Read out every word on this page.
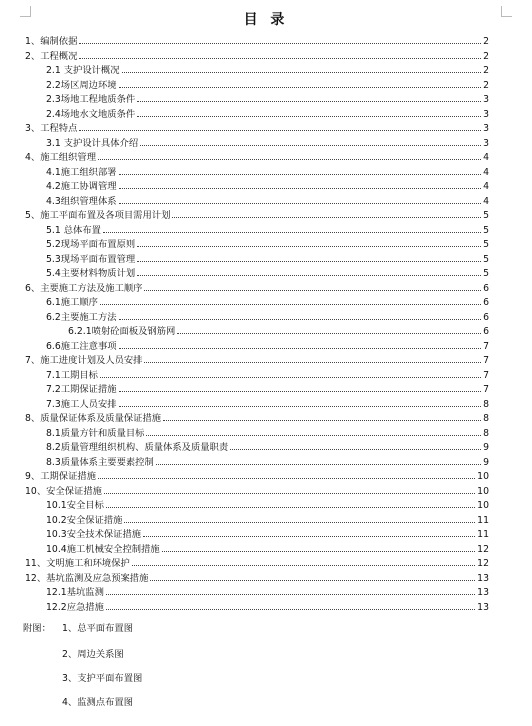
目 录
1、编制依据	2
2、工程概况	2
2.1 支护设计概况	2
2.2场区周边环境	2
2.3场地工程地质条件	3
2.4场地水文地质条件	3
3、工程特点	3
3.1 支护设计具体介绍	3
4、施工组织管理	4
4.1施工组织部署	4
4.2施工协调管理	4
4.3组织管理体系	4
5、施工平面布置及各项目需用计划	5
5.1 总体布置	5
5.2现场平面布置原则	5
5.3现场平面布置管理	5
5.4主要材料物质计划	5
6、主要施工方法及施工顺序	6
6.1施工顺序	6
6.2主要施工方法	6
6.2.1喷射砼面板及钢筋网	6
6.6施工注意事项	7
7、施工进度计划及人员安排	7
7.1工期目标	7
7.2工期保证措施	7
7.3施工人员安排	8
8、质量保证体系及质量保证措施	8
8.1质量方针和质量目标	8
8.2质量管理组织机构、质量体系及质量职责	9
8.3质量体系主要要素控制	9
9、工期保证措施	10
10、安全保证措施	10
10.1安全目标	10
10.2安全保证措施	11
10.3安全技术保证措施	11
10.4施工机械安全控制措施	12
11、文明施工和环境保护	12
12、基坑监测及应急预案措施	13
12.1基坑监测	13
12.2应急措施	13
附图： 1、总平面布置图
2、周边关系图
3、支护平面布置图
4、监测点布置图
